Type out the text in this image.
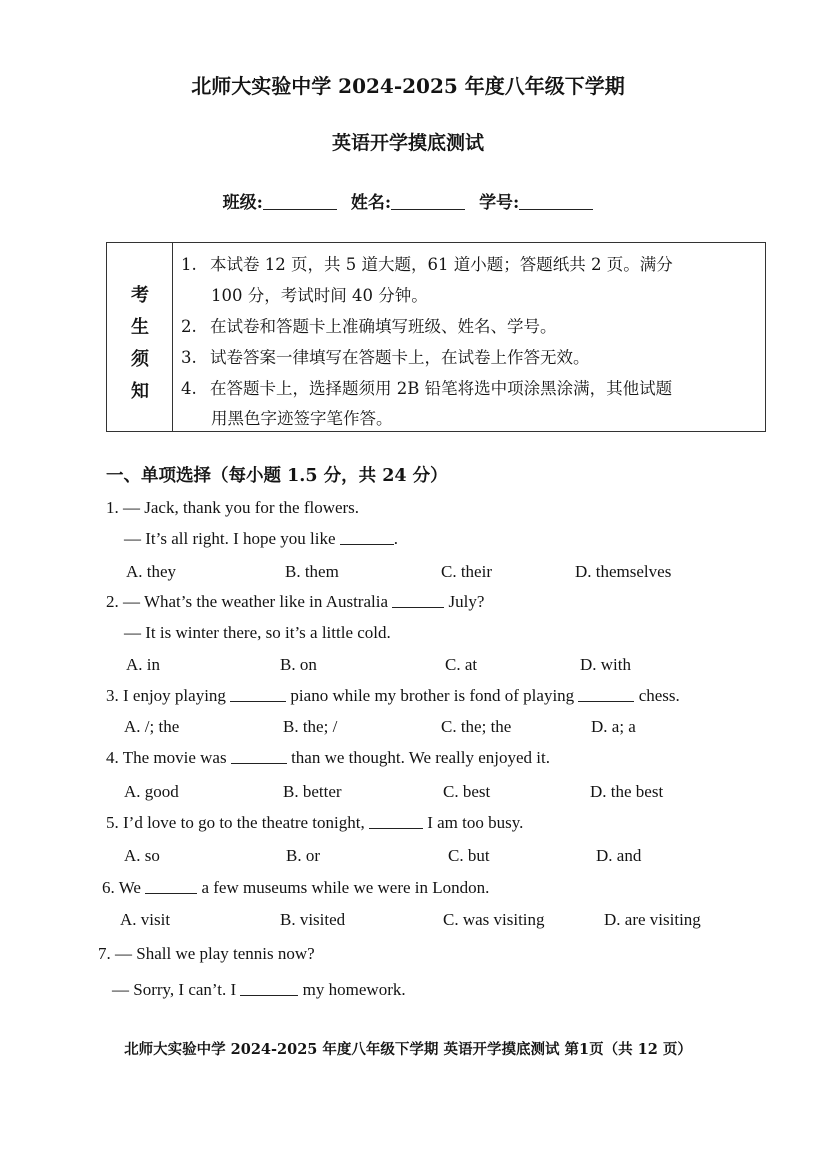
北师大实验中学 2024-2025 年度八年级下学期
英语开学摸底测试
班级:	姓名:	学号:
考
生
须
知
1. 本试卷 12 页，共 5 道大题，61 道小题；答题纸共 2 页。满分
100 分，考试时间 40 分钟。
2. 在试卷和答题卡上准确填写班级、姓名、学号。
3. 试卷答案一律填写在答题卡上，在试卷上作答无效。
4. 在答题卡上，选择题须用 2B 铅笔将选中项涂黑涂满，其他试题
用黑色字迹签字笔作答。
一、单项选择（每小题 1.5 分，共 24 分）
1. — Jack, thank you for the flowers.
— It’s all right. I hope you like	.
A. they	B. them	C. their	D. themselves
2. — What’s the weather like in Australia	July?
— It is winter there, so it’s a little cold.
A. in	B. on	C. at	D. with
3. I enjoy playing	piano while my brother is fond of playing	chess.
A. /; the	B. the; /	C. the; the	D. a; a
4. The movie was	than we thought. We really enjoyed it.
A. good	B. better	C. best	D. the best
5. I’d love to go to the theatre tonight,	I am too busy.
A. so	B. or	C. but	D. and
6. We	a few museums while we were in London.
A. visit	B. visited	C. was visiting	D. are visiting
7. — Shall we play tennis now?
— Sorry, I can’t. I	my homework.
北师大实验中学 2024-2025 年度八年级下学期 英语开学摸底测试 第1页（共 12 页）
